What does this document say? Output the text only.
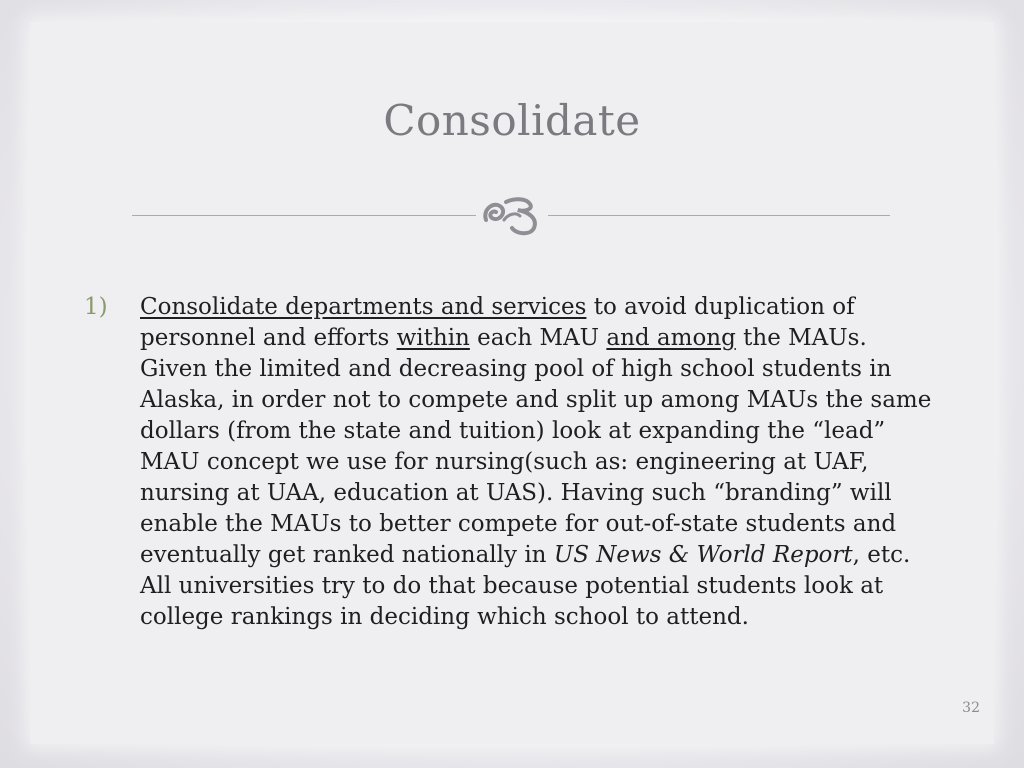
Consolidate
1)	Consolidate departments and services to avoid duplication of personnel and efforts within each MAU and among the MAUs. Given the limited and decreasing pool of high school students in Alaska, in order not to compete and split up among MAUs the same dollars (from the state and tuition) look at expanding the “lead” MAU concept we use for nursing(such as: engineering at UAF, nursing at UAA, education at UAS). Having such “branding” will enable the MAUs to better compete for out-of-state students and eventually get ranked nationally in US News & World Report, etc. All universities try to do that because potential students look at college rankings in deciding which school to attend.
32
